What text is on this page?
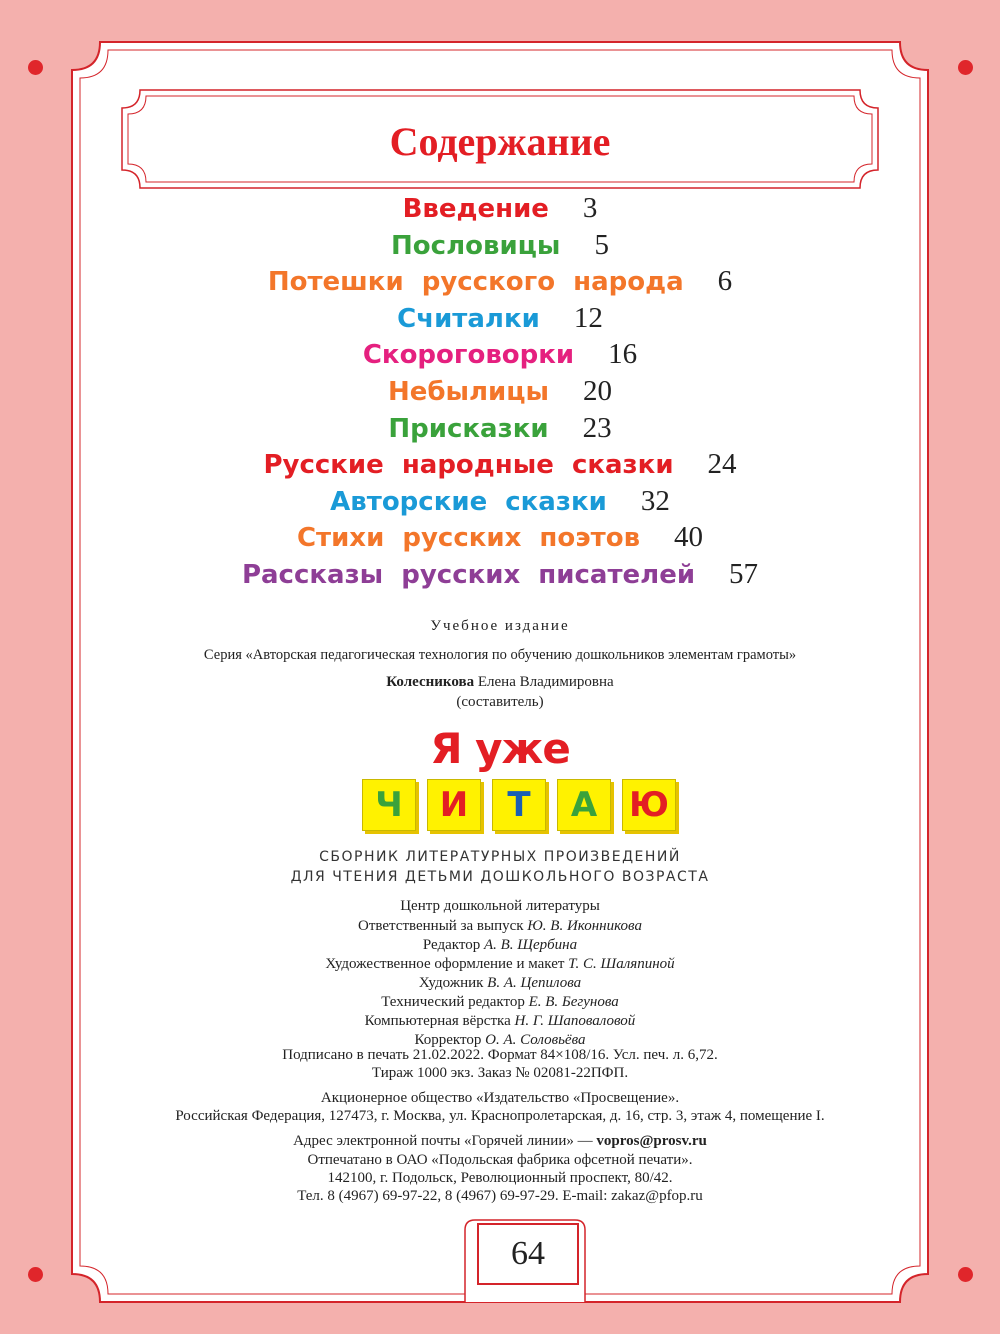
Содержание
Введение 3
Пословицы 5
Потешки русского народа 6
Считалки 12
Скороговорки 16
Небылицы 20
Присказки 23
Русские народные сказки 24
Авторские сказки 32
Стихи русских поэтов 40
Рассказы русских писателей 57
Учебное издание
Серия «Авторская педагогическая технология по обучению дошкольников элементам грамоты»
Колесникова Елена Владимировна
(составитель)
Я уже
Ч	И	Т	А Ю
СБОРНИК ЛИТЕРАТУРНЫХ ПРОИЗВЕДЕНИЙ
ДЛЯ ЧТЕНИЯ ДЕТЬМИ ДОШКОЛЬНОГО ВОЗРАСТА
Центр дошкольной литературы
Ответственный за выпуск Ю. В. Иконникова
Редактор А. В. Щербина
Художественное оформление и макет Т. С. Шаляпиной
Художник В. А. Цепилова
Технический редактор Е. В. Бегунова
Компьютерная вёрстка Н. Г. Шаповаловой
Корректор О. А. Соловьёва
Подписано в печать 21.02.2022. Формат 84×108/16. Усл. печ. л. 6,72.
Тираж 1000 экз. Заказ № 02081-22ПФП.
Акционерное общество «Издательство «Просвещение».
Российская Федерация, 127473, г. Москва, ул. Краснопролетарская, д. 16, стр. 3, этаж 4, помещение I.
Адрес электронной почты «Горячей линии» — vopros@prosv.ru
Отпечатано в ОАО «Подольская фабрика офсетной печати».
142100, г. Подольск, Революционный проспект, 80/42.
Тел. 8 (4967) 69-97-22, 8 (4967) 69-97-29. E-mail: zakaz@pfop.ru
64
